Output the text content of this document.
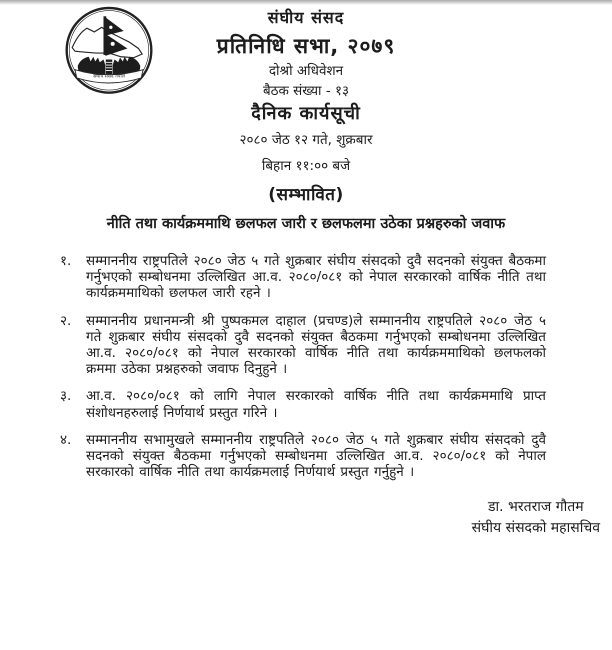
संघीय संसद नेपाल
संघीय संसद
प्रतिनिधि सभा, २०७९
दोश्रो अधिवेशन
बैठक संख्या - १३
दैनिक कार्यसूची
२०८० जेठ १२ गते, शुक्रबार
बिहान ११:०० बजे
(सम्भावित)
नीति तथा कार्यक्रममाथि छलफल जारी र छलफलमा उठेका प्रश्नहरुको जवाफ
१.	सम्माननीय राष्ट्रपतिले २०८० जेठ ५ गते शुक्रबार संघीय संसदको दुवै सदनको संयुक्त बैठकमा गर्नुभएको सम्बोधनमा उल्लिखित आ.व. २०८०/०८१ को नेपाल सरकारको वार्षिक नीति तथा कार्यक्रममाथिको छलफल जारी रहने ।
२.	सम्माननीय प्रधानमन्त्री श्री पुष्पकमल दाहाल (प्रचण्ड)ले सम्माननीय राष्ट्रपतिले २०८० जेठ ५ गते शुक्रबार संघीय संसदको दुवै सदनको संयुक्त बैठकमा गर्नुभएको सम्बोधनमा उल्लिखित आ.व. २०८०/०८१ को नेपाल सरकारको वार्षिक नीति तथा कार्यक्रममाथिको छलफलको क्रममा उठेका प्रश्नहरुको जवाफ दिनुहुने ।
३.	आ.व. २०८०/०८१ को लागि नेपाल सरकारको वार्षिक नीति तथा कार्यक्रममाथि प्राप्त संशोधनहरुलाई निर्णयार्थ प्रस्तुत गरिने ।
४.	सम्माननीय सभामुखले सम्माननीय राष्ट्रपतिले २०८० जेठ ५ गते शुक्रबार संघीय संसदको दुवै सदनको संयुक्त बैठकमा गर्नुभएको सम्बोधनमा उल्लिखित आ.व. २०८०/०८१ को नेपाल सरकारको वार्षिक नीति तथा कार्यक्रमलाई निर्णयार्थ प्रस्तुत गर्नुहुने ।
डा. भरतराज गौतम
संघीय संसदको महासचिव
